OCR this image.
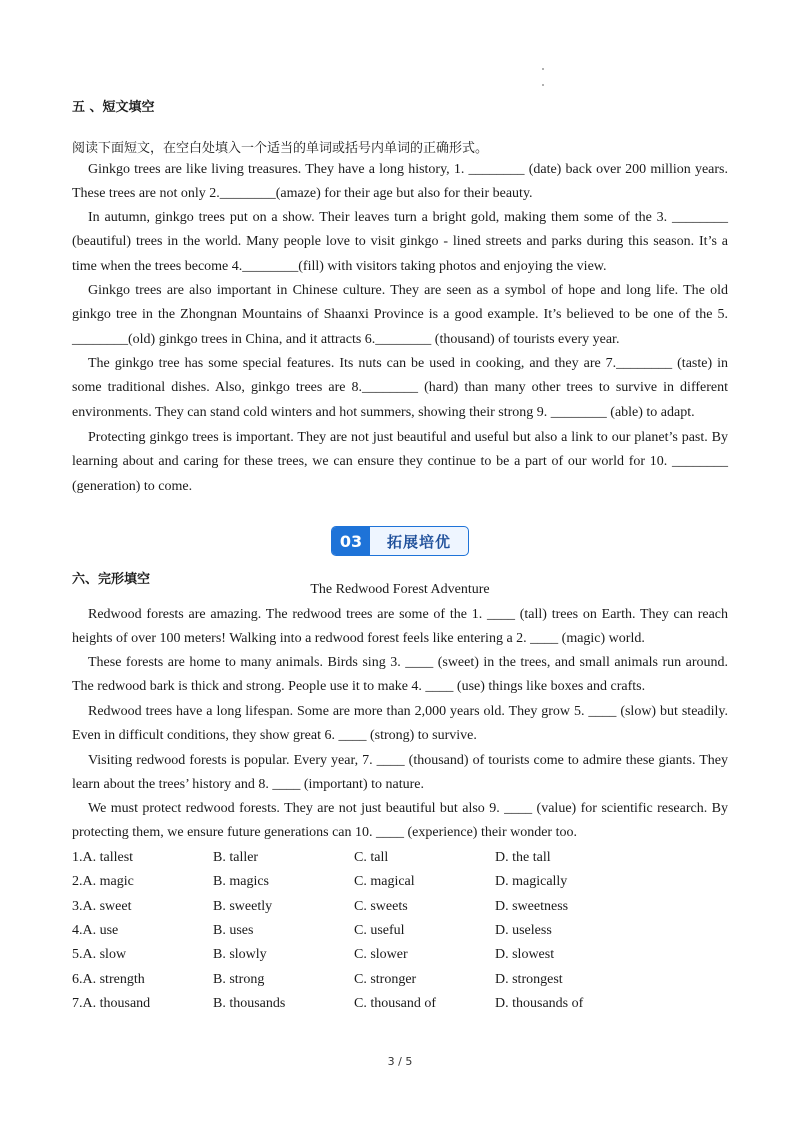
五 、短文填空
阅读下面短文，在空白处填入一个适当的单词或括号内单词的正确形式。

Ginkgo trees are like living treasures. They have a long history, 1. ________ (date) back over 200 million years. These trees are not only 2.________(amaze) for their age but also for their beauty.

In autumn, ginkgo trees put on a show. Their leaves turn a bright gold, making them some of the 3. ________ (beautiful) trees in the world. Many people love to visit ginkgo - lined streets and parks during this season. It’s a time when the trees become 4.________(fill) with visitors taking photos and enjoying the view.

Ginkgo trees are also important in Chinese culture. They are seen as a symbol of hope and long life. The old ginkgo tree in the Zhongnan Mountains of Shaanxi Province is a good example. It’s believed to be one of the 5. ________(old) ginkgo trees in China, and it attracts 6.________ (thousand) of tourists every year.

The ginkgo tree has some special features. Its nuts can be used in cooking, and they are 7.________ (taste) in some traditional dishes. Also, ginkgo trees are 8.________ (hard) than many other trees to survive in different environments. They can stand cold winters and hot summers, showing their strong 9. ________ (able) to adapt.

Protecting ginkgo trees is important. They are not just beautiful and useful but also a link to our planet’s past. By learning about and caring for these trees, we can ensure they continue to be a part of our world for 10. ________ (generation) to come.

03	拓展培优
六、完形填空
The Redwood Forest Adventure

Redwood forests are amazing. The redwood trees are some of the 1. ____ (tall) trees on Earth. They can reach heights of over 100 meters! Walking into a redwood forest feels like entering a 2. ____ (magic) world.

These forests are home to many animals. Birds sing 3. ____ (sweet) in the trees, and small animals run around. The redwood bark is thick and strong. People use it to make 4. ____ (use) things like boxes and crafts.

Redwood trees have a long lifespan. Some are more than 2,000 years old. They grow 5. ____ (slow) but steadily. Even in difficult conditions, they show great 6. ____ (strong) to survive.

Visiting redwood forests is popular. Every year, 7. ____ (thousand) of tourists come to admire these giants. They learn about the trees’ history and 8. ____ (important) to nature.

We must protect redwood forests. They are not just beautiful but also 9. ____ (value) for scientific research. By protecting them, we ensure future generations can 10. ____ (experience) their wonder too.

1.A. tallest	B. taller	C. tall	D. the tall
2.A. magic	B. magics	C. magical	D. magically
3.A. sweet	B. sweetly	C. sweets	D. sweetness
4.A. use	B. uses	C. useful	D. useless
5.A. slow	B. slowly	C. slower	D. slowest
6.A. strength	B. strong	C. stronger	D. strongest
7.A. thousand	B. thousands	C. thousand of	D. thousands of
3 / 5
